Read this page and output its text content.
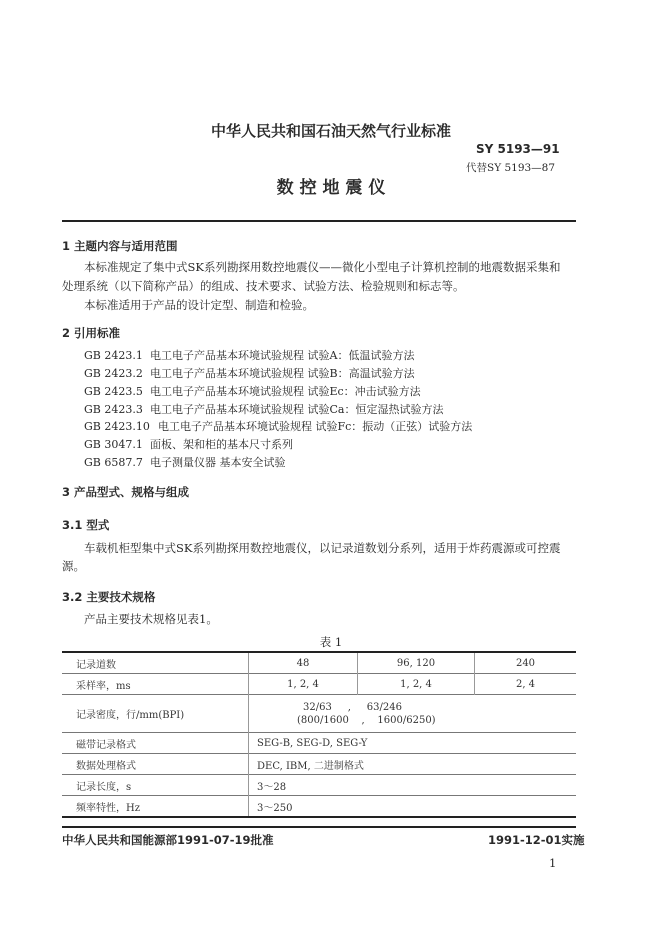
中华人民共和国石油天然气行业标准
SY 5193—91
代替SY 5193—87
数 控 地 震 仪
1 主题内容与适用范围
本标准规定了集中式SK系列勘探用数控地震仪——微化小型电子计算机控制的地震数据采集和
处理系统（以下简称产品）的组成、技术要求、试验方法、检验规则和标志等。
本标准适用于产品的设计定型、制造和检验。
2 引用标准
GB 2423.1 电工电子产品基本环境试验规程 试验A：低温试验方法
GB 2423.2 电工电子产品基本环境试验规程 试验B：高温试验方法
GB 2423.5 电工电子产品基本环境试验规程 试验Ec：冲击试验方法
GB 2423.3 电工电子产品基本环境试验规程 试验Ca：恒定湿热试验方法
GB 2423.10 电工电子产品基本环境试验规程 试验Fc：振动（正弦）试验方法
GB 3047.1 面板、架和柜的基本尺寸系列
GB 6587.7 电子测量仪器 基本安全试验
3 产品型式、规格与组成
3.1 型式
车载机柜型集中式SK系列勘探用数控地震仪，以记录道数划分系列，适用于炸药震源或可控震
源。
3.2 主要技术规格
产品主要技术规格见表1。
表 1
记录道数	48	96, 120	240
采样率，ms	1, 2, 4	1, 2, 4	2, 4
记录密度，行/mm(BPI)	32/63     ,     63/246
(800/1600    ,    1600/6250)		

磁带记录格式	SEG-B, SEG-D, SEG-Y		
数据处理格式	DEC, IBM, 二进制格式		
记录长度，s	3～28		
频率特性，Hz	3～250		
中华人民共和国能源部1991-07-19批准	1991-12-01实施
1
